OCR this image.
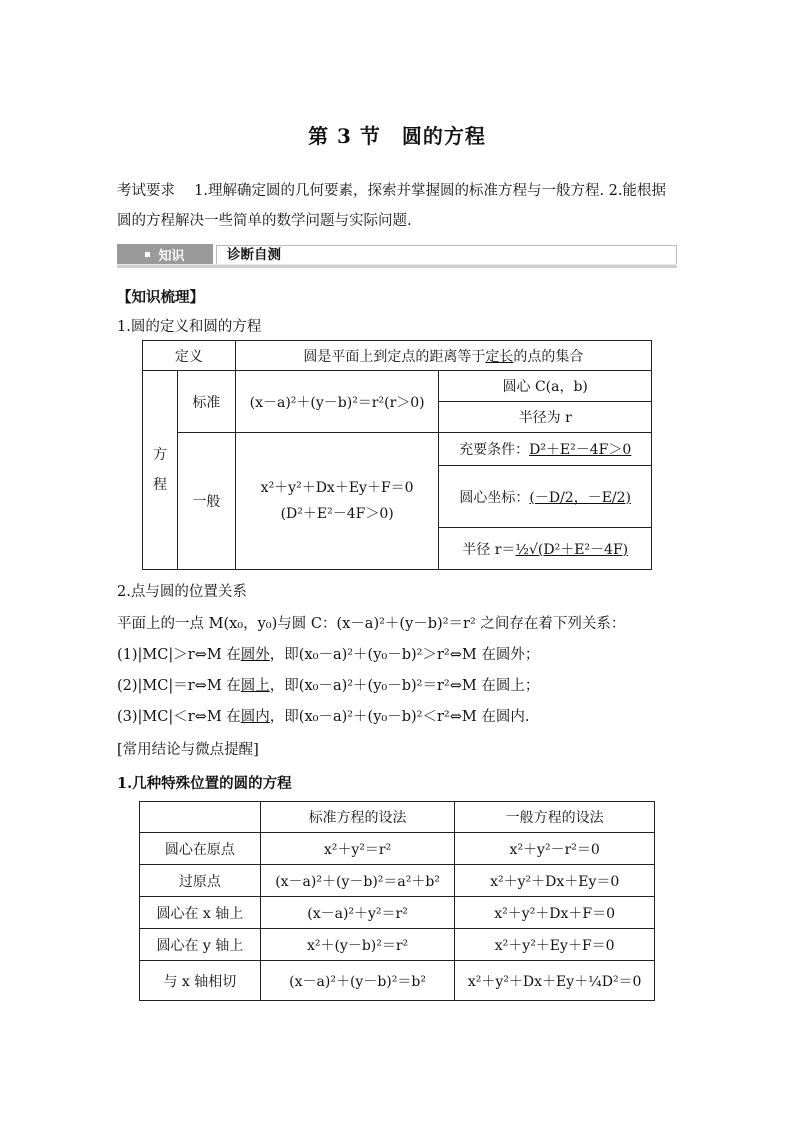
第 3 节　圆的方程
考试要求　 1.理解确定圆的几何要素，探索并掌握圆的标准方程与一般方程. 2.能根据圆的方程解决一些简单的数学问题与实际问题.
知识	诊断自测
【知识梳理】
1.圆的定义和圆的方程
定义		圆是平面上到定点的距离等于定长的点的集合	
方
程	标准	(x－a)²＋(y－b)²＝r²(r＞0)	圆心 C(a，b)
			半径为 r
	一般	x²＋y²＋Dx＋Ey＋F＝0
(D²＋E²－4F＞0)	充要条件：D²＋E²－4F＞0
			圆心坐标：(－D/2，－E/2)
			半径 r＝½√(D²＋E²－4F)
2.点与圆的位置关系
平面上的一点 M(x₀，y₀)与圆 C：(x－a)²＋(y－b)²＝r² 之间存在着下列关系：
(1)|MC|＞r⇔M 在圆外，即(x₀－a)²＋(y₀－b)²＞r²⇔M 在圆外；
(2)|MC|＝r⇔M 在圆上，即(x₀－a)²＋(y₀－b)²＝r²⇔M 在圆上；
(3)|MC|＜r⇔M 在圆内，即(x₀－a)²＋(y₀－b)²＜r²⇔M 在圆内.
[常用结论与微点提醒]
1.几种特殊位置的圆的方程
	标准方程的设法	一般方程的设法
圆心在原点	x²＋y²＝r²	x²＋y²－r²＝0
过原点	(x－a)²＋(y－b)²＝a²＋b²	x²＋y²＋Dx＋Ey＝0
圆心在 x 轴上	(x－a)²＋y²＝r²	x²＋y²＋Dx＋F＝0
圆心在 y 轴上	x²＋(y－b)²＝r²	x²＋y²＋Ey＋F＝0
与 x 轴相切	(x－a)²＋(y－b)²＝b²	x²＋y²＋Dx＋Ey＋¼D²＝0
